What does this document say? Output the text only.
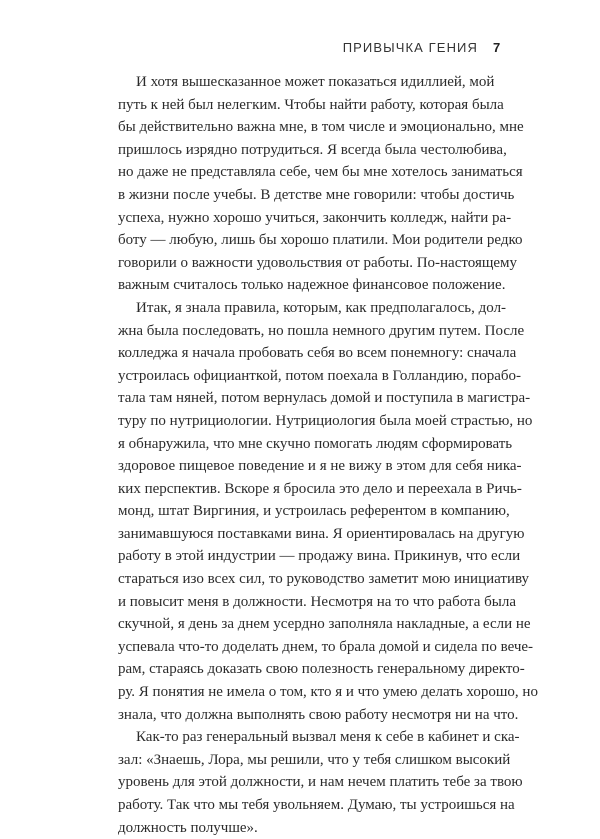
ПРИВЫЧКА ГЕНИЯ 7
И хотя вышесказанное может показаться идиллией, мой
путь к ней был нелегким. Чтобы найти работу, которая была
бы действительно важна мне, в том числе и эмоционально, мне
пришлось изрядно потрудиться. Я всегда была честолюбива,
но даже не представляла себе, чем бы мне хотелось заниматься
в жизни после учебы. В детстве мне говорили: чтобы достичь
успеха, нужно хорошо учиться, закончить колледж, найти ра-
боту — любую, лишь бы хорошо платили. Мои родители редко
говорили о важности удовольствия от работы. По-настоящему
важным считалось только надежное финансовое положение.
Итак, я знала правила, которым, как предполагалось, дол-
жна была последовать, но пошла немного другим путем. После
колледжа я начала пробовать себя во всем понемногу: сначала
устроилась официанткой, потом поехала в Голландию, порабо-
тала там няней, потом вернулась домой и поступила в магистра-
туру по нутрициологии. Нутрициология была моей страстью, но
я обнаружила, что мне скучно помогать людям сформировать
здоровое пищевое поведение и я не вижу в этом для себя ника-
ких перспектив. Вскоре я бросила это дело и переехала в Ричь-
монд, штат Виргиния, и устроилась референтом в компанию,
занимавшуюся поставками вина. Я ориентировалась на другую
работу в этой индустрии — продажу вина. Прикинув, что если
стараться изо всех сил, то руководство заметит мою инициативу
и повысит меня в должности. Несмотря на то что работа была
скучной, я день за днем усердно заполняла накладные, а если не
успевала что-то доделать днем, то брала домой и сидела по вече-
рам, стараясь доказать свою полезность генеральному директо-
ру. Я понятия не имела о том, кто я и что умею делать хорошо, но
знала, что должна выполнять свою работу несмотря ни на что.
Как-то раз генеральный вызвал меня к себе в кабинет и ска-
зал: «Знаешь, Лора, мы решили, что у тебя слишком высокий
уровень для этой должности, и нам нечем платить тебе за твою
работу. Так что мы тебя увольняем. Думаю, ты устроишься на
должность получше».
